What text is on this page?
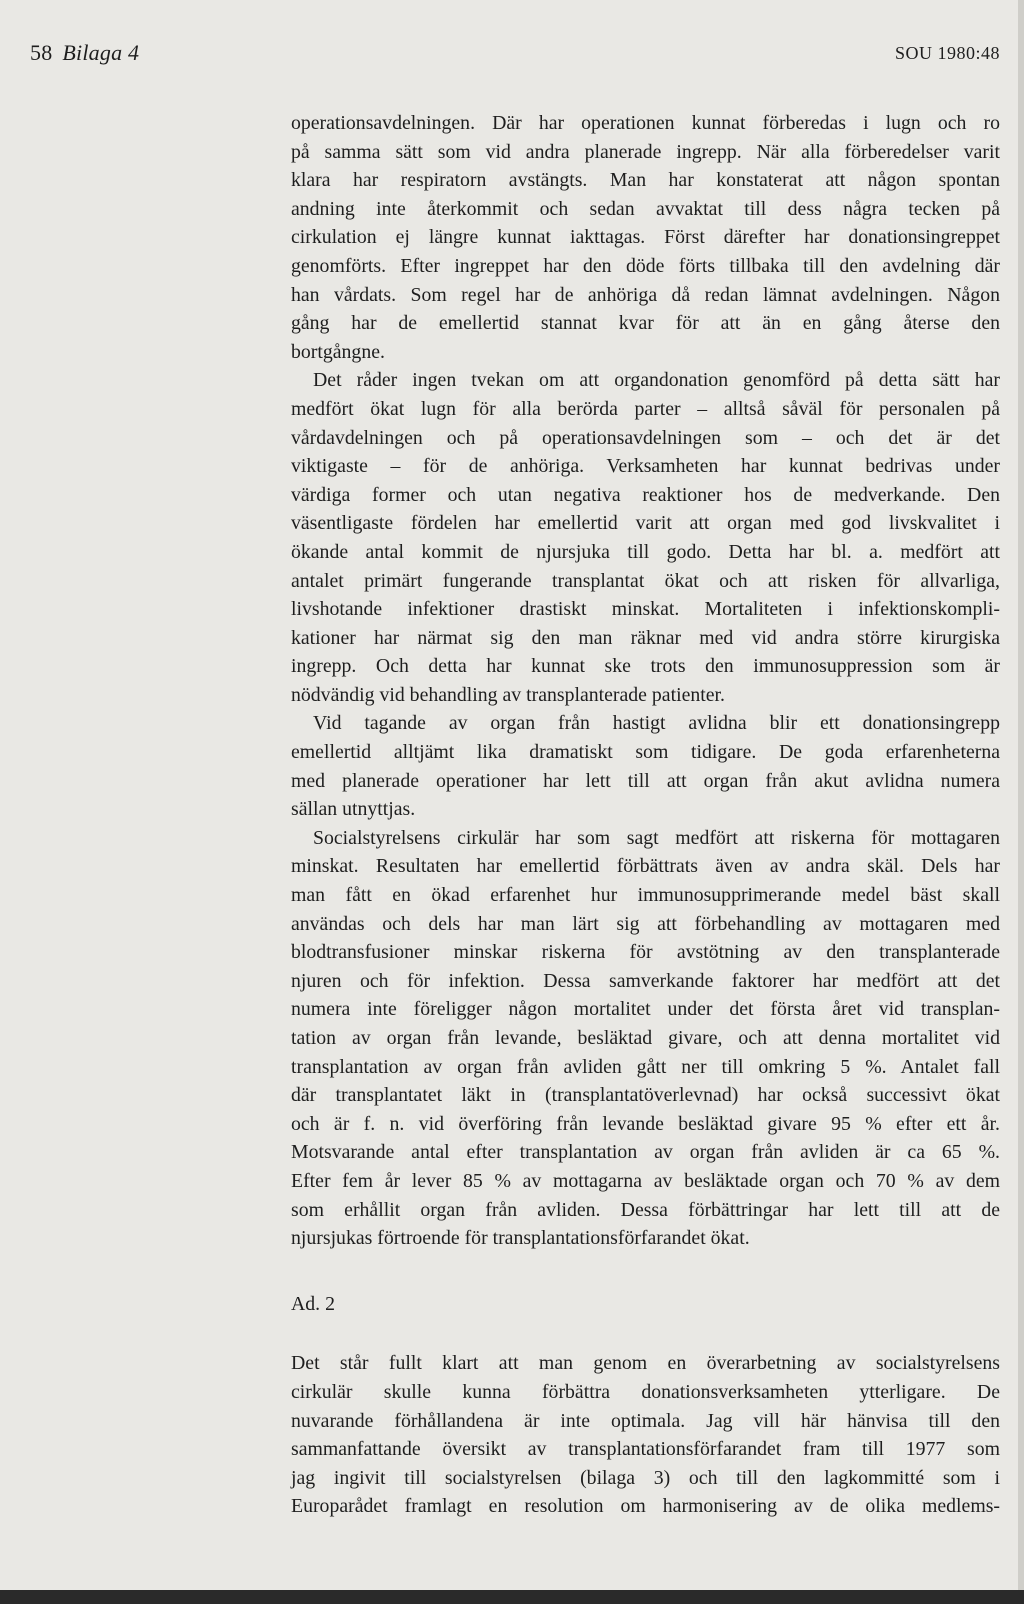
58 Bilaga 4	SOU 1980:48
operationsavdelningen. Där har operationen kunnat förberedas i lugn och ro
på samma sätt som vid andra planerade ingrepp. När alla förberedelser varit
klara har respiratorn avstängts. Man har konstaterat att någon spontan
andning inte återkommit och sedan avvaktat till dess några tecken på
cirkulation ej längre kunnat iakttagas. Först därefter har donationsingreppet
genomförts. Efter ingreppet har den döde förts tillbaka till den avdelning där
han vårdats. Som regel har de anhöriga då redan lämnat avdelningen. Någon
gång har de emellertid stannat kvar för att än en gång återse den
bortgångne.
Det råder ingen tvekan om att organdonation genomförd på detta sätt har
medfört ökat lugn för alla berörda parter – alltså såväl för personalen på
vårdavdelningen och på operationsavdelningen som – och det är det
viktigaste – för de anhöriga. Verksamheten har kunnat bedrivas under
värdiga former och utan negativa reaktioner hos de medverkande. Den
väsentligaste fördelen har emellertid varit att organ med god livskvalitet i
ökande antal kommit de njursjuka till godo. Detta har bl. a. medfört att
antalet primärt fungerande transplantat ökat och att risken för allvarliga,
livshotande infektioner drastiskt minskat. Mortaliteten i infektionskompli-
kationer har närmat sig den man räknar med vid andra större kirurgiska
ingrepp. Och detta har kunnat ske trots den immunosuppression som är
nödvändig vid behandling av transplanterade patienter.
Vid tagande av organ från hastigt avlidna blir ett donationsingrepp
emellertid alltjämt lika dramatiskt som tidigare. De goda erfarenheterna
med planerade operationer har lett till att organ från akut avlidna numera
sällan utnyttjas.
Socialstyrelsens cirkulär har som sagt medfört att riskerna för mottagaren
minskat. Resultaten har emellertid förbättrats även av andra skäl. Dels har
man fått en ökad erfarenhet hur immunosupprimerande medel bäst skall
användas och dels har man lärt sig att förbehandling av mottagaren med
blodtransfusioner minskar riskerna för avstötning av den transplanterade
njuren och för infektion. Dessa samverkande faktorer har medfört att det
numera inte föreligger någon mortalitet under det första året vid transplan-
tation av organ från levande, besläktad givare, och att denna mortalitet vid
transplantation av organ från avliden gått ner till omkring 5 %. Antalet fall
där transplantatet läkt in (transplantatöverlevnad) har också successivt ökat
och är f. n. vid överföring från levande besläktad givare 95 % efter ett år.
Motsvarande antal efter transplantation av organ från avliden är ca 65 %.
Efter fem år lever 85 % av mottagarna av besläktade organ och 70 % av dem
som erhållit organ från avliden. Dessa förbättringar har lett till att de
njursjukas förtroende för transplantationsförfarandet ökat.
Ad. 2
Det står fullt klart att man genom en överarbetning av socialstyrelsens
cirkulär skulle kunna förbättra donationsverksamheten ytterligare. De
nuvarande förhållandena är inte optimala. Jag vill här hänvisa till den
sammanfattande översikt av transplantationsförfarandet fram till 1977 som
jag ingivit till socialstyrelsen (bilaga 3) och till den lagkommitté som i
Europarådet framlagt en resolution om harmonisering av de olika medlems-
